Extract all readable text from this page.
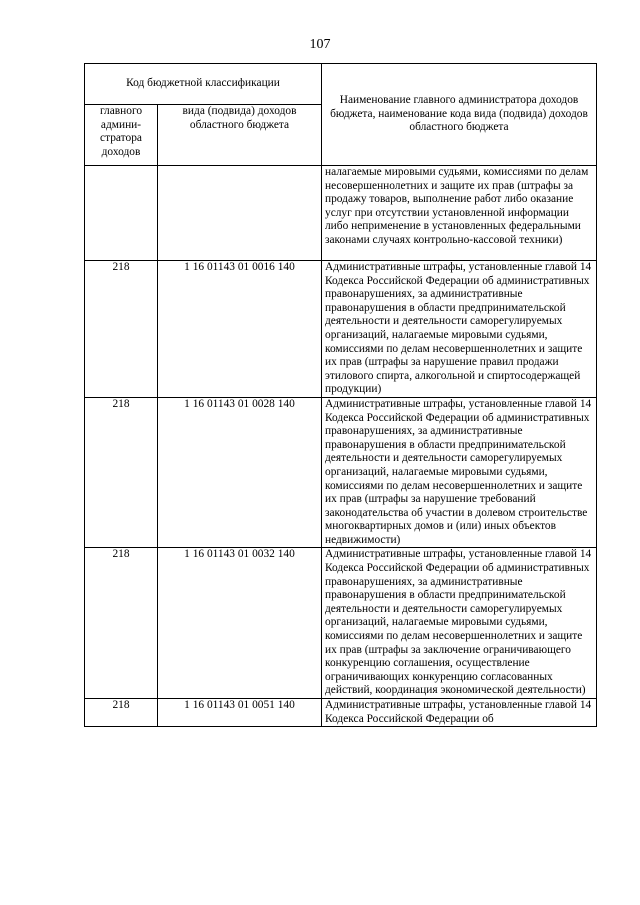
107
Код бюджетной классификации		Наименование главного администратора доходов бюджета, наименование кода вида (подвида) доходов областного бюджета
главного админи-стратора доходов	вида (подвида) доходов областного бюджета	
		налагаемые мировыми судьями, комиссиями по делам несовершеннолетних и защите их прав (штрафы за продажу товаров, выполнение работ либо оказание услуг при отсутствии установленной информации либо неприменение в установленных федеральными законами случаях контрольно-кассовой техники)
218	1 16 01143 01 0016 140	Административные штрафы, установленные главой 14 Кодекса Российской Федерации об административных правонарушениях, за административные правонарушения в области предпринимательской деятельности и деятельности саморегулируемых организаций, налагаемые мировыми судьями, комиссиями по делам несовершеннолетних и защите их прав (штрафы за нарушение правил продажи этилового спирта, алкогольной и спиртосодержащей продукции)
218	1 16 01143 01 0028 140	Административные штрафы, установленные главой 14 Кодекса Российской Федерации об административных правонарушениях, за административные правонарушения в области предпринимательской деятельности и деятельности саморегулируемых организаций, налагаемые мировыми судьями, комиссиями по делам несовершеннолетних и защите их прав (штрафы за нарушение требований законодательства об участии в долевом строительстве многоквартирных домов и (или) иных объектов недвижимости)
218	1 16 01143 01 0032 140	Административные штрафы, установленные главой 14 Кодекса Российской Федерации об административных правонарушениях, за административные правонарушения в области предпринимательской деятельности и деятельности саморегулируемых организаций, налагаемые мировыми судьями, комиссиями по делам несовершеннолетних и защите их прав (штрафы за заключение ограничивающего конкуренцию соглашения, осуществление ограничивающих конкуренцию согласованных действий, координация экономической деятельности)
218	1 16 01143 01 0051 140	Административные штрафы, установленные главой 14 Кодекса Российской Федерации об
